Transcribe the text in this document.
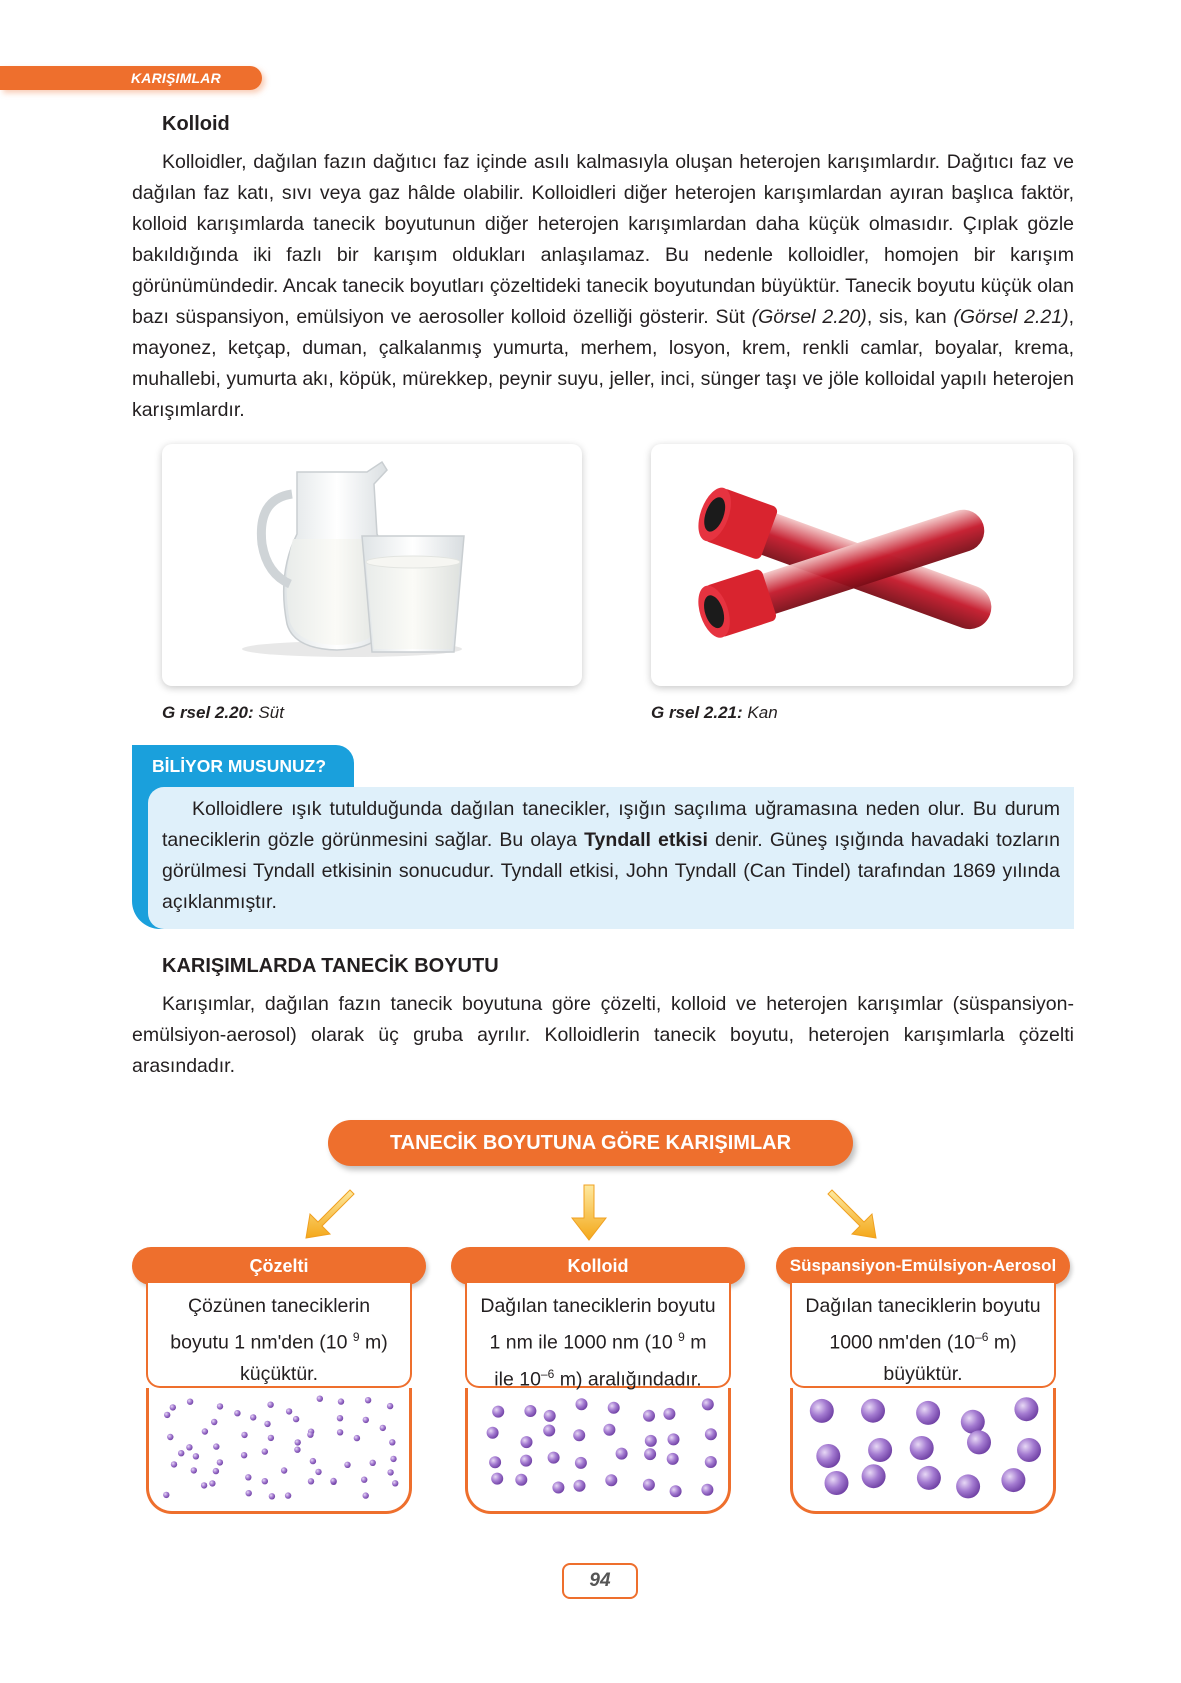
KARIŞIMLAR
Kolloid
Kolloidler, dağılan fazın dağıtıcı faz içinde asılı kalmasıyla oluşan heterojen karışımlardır. Dağıtıcı faz ve dağılan faz katı, sıvı veya gaz hâlde olabilir. Kolloidleri diğer heterojen karışımlardan ayıran başlıca faktör, kolloid karışımlarda tanecik boyutunun diğer heterojen karışımlardan daha küçük olmasıdır. Çıplak gözle bakıldığında iki fazlı bir karışım oldukları anlaşılamaz. Bu nedenle kolloidler, homojen bir karışım görünümündedir. Ancak tanecik boyutları çözeltideki tanecik boyutundan büyüktür. Tanecik boyutu küçük olan bazı süspansiyon, emülsiyon ve aerosoller kolloid özelliği gösterir. Süt (Görsel 2.20), sis, kan (Görsel 2.21), mayonez, ketçap, duman, çalkalanmış yumurta, merhem, losyon, krem, renkli camlar, boyalar, krema, muhallebi, yumurta akı, köpük, mürekkep, peynir suyu, jeller, inci, sünger taşı ve jöle kolloidal yapılı heterojen karışımlardır.
G rsel 2.20: Süt	G rsel 2.21: Kan
BİLİYOR MUSUNUZ?
Kolloidlere ışık tutulduğunda dağılan tanecikler, ışığın saçılıma uğramasına neden olur. Bu durum taneciklerin gözle görünmesini sağlar. Bu olaya Tyndall etkisi denir. Güneş ışığında havadaki tozların görülmesi Tyndall etkisinin sonucudur. Tyndall etkisi, John Tyndall (Can Tindel) tarafından 1869 yılında açıklanmıştır.
KARIŞIMLARDA TANECİK BOYUTU
Karışımlar, dağılan fazın tanecik boyutuna göre çözelti, kolloid ve heterojen karışımlar (süspansiyon-emülsiyon-aerosol) olarak üç gruba ayrılır. Kolloidlerin tanecik boyutu, heterojen karışımlarla çözelti arasındadır.
TANECİK BOYUTUNA GÖRE KARIŞIMLAR
Çözelti
Çözünen taneciklerin
boyutu 1 nm'den (10 $^9$ m)
küçüktür.
Kolloid
Dağılan taneciklerin boyutu
1 nm ile 1000 nm (10 $^9$ m
ile $10^{-6}$ m) aralığındadır.
Süspansiyon-Emülsiyon-Aerosol
Dağılan taneciklerin boyutu
1000 nm'den ($10^{-6}$ m)
büyüktür.
94
